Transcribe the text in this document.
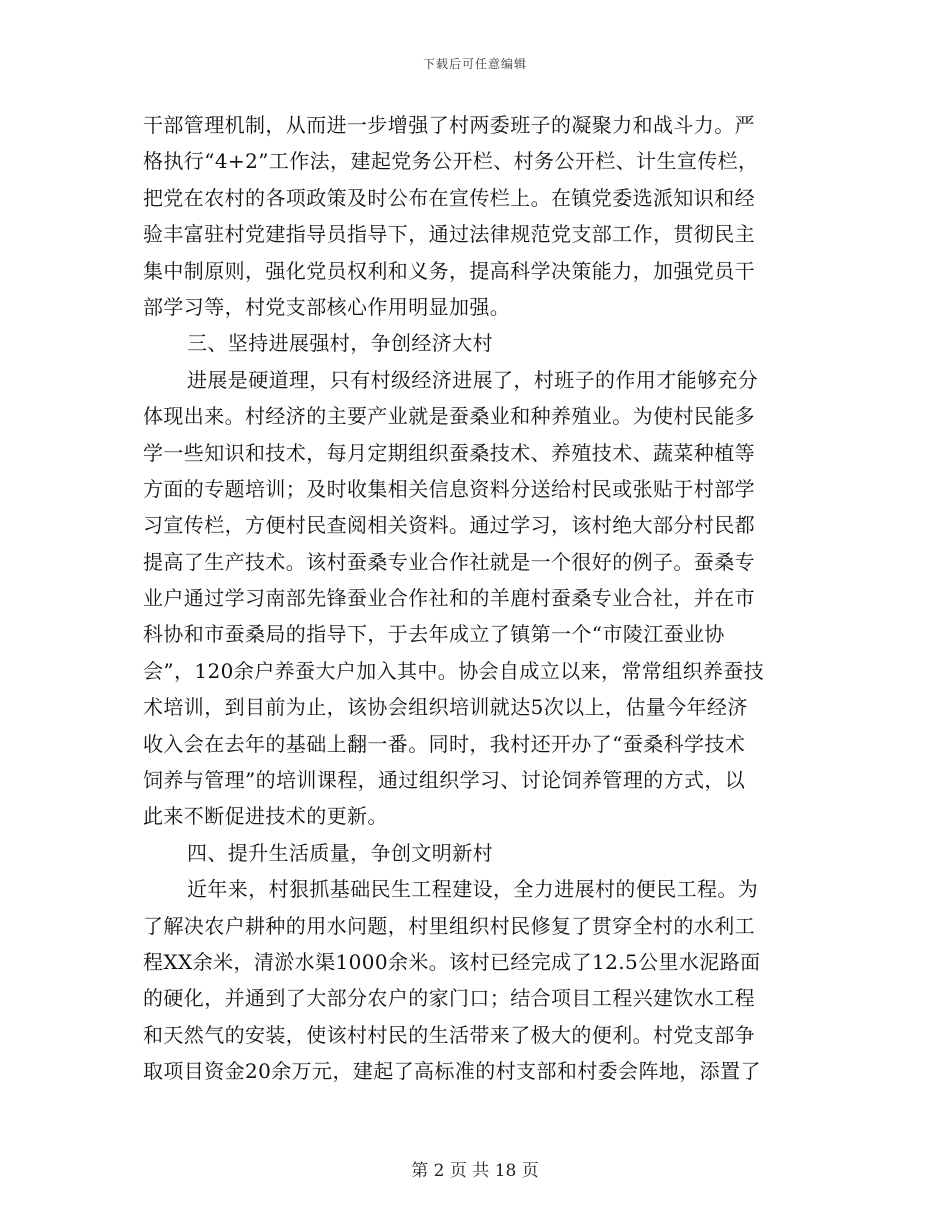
下载后可任意编辑
干部管理机制，从而进一步增强了村两委班子的凝聚力和战斗力。严
格执行“4+2”工作法，建起党务公开栏、村务公开栏、计生宣传栏，
把党在农村的各项政策及时公布在宣传栏上。在镇党委选派知识和经
验丰富驻村党建指导员指导下，通过法律规范党支部工作，贯彻民主
集中制原则，强化党员权利和义务，提高科学决策能力，加强党员干
部学习等，村党支部核心作用明显加强。
三、坚持进展强村，争创经济大村
进展是硬道理，只有村级经济进展了，村班子的作用才能够充分
体现出来。村经济的主要产业就是蚕桑业和种养殖业。为使村民能多
学一些知识和技术，每月定期组织蚕桑技术、养殖技术、蔬菜种植等
方面的专题培训；及时收集相关信息资料分送给村民或张贴于村部学
习宣传栏，方便村民查阅相关资料。通过学习，该村绝大部分村民都
提高了生产技术。该村蚕桑专业合作社就是一个很好的例子。蚕桑专
业户通过学习南部先锋蚕业合作社和的羊鹿村蚕桑专业合社，并在市
科协和市蚕桑局的指导下，于去年成立了镇第一个“市陵江蚕业协
会”，120余户养蚕大户加入其中。协会自成立以来，常常组织养蚕技
术培训，到目前为止，该协会组织培训就达5次以上，估量今年经济
收入会在去年的基础上翻一番。同时，我村还开办了“蚕桑科学技术
饲养与管理”的培训课程，通过组织学习、讨论饲养管理的方式，以
此来不断促进技术的更新。
四、提升生活质量，争创文明新村
近年来，村狠抓基础民生工程建设，全力进展村的便民工程。为
了解决农户耕种的用水问题，村里组织村民修复了贯穿全村的水利工
程XX余米，清淤水渠1000余米。该村已经完成了12.5公里水泥路面
的硬化，并通到了大部分农户的家门口；结合项目工程兴建饮水工程
和天然气的安装，使该村村民的生活带来了极大的便利。村党支部争
取项目资金20余万元，建起了高标准的村支部和村委会阵地，添置了
第 2 页 共 18 页
